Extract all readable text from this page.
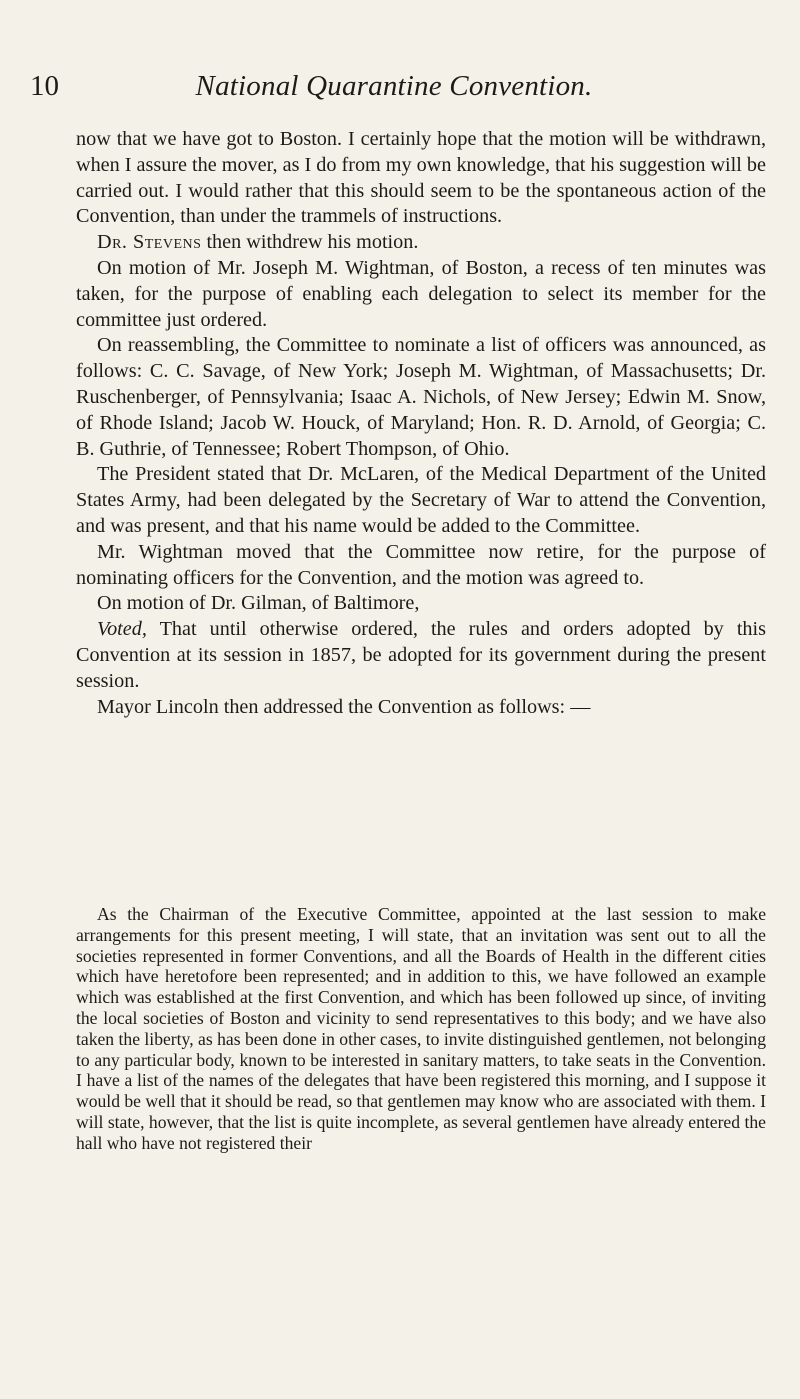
10	National Quarantine Convention.

now that we have got to Boston. I certainly hope that the motion will be withdrawn, when I assure the mover, as I do from my own knowledge, that his suggestion will be carried out. I would rather that this should seem to be the spontaneous action of the Convention, than under the trammels of instructions.

Dr. Stevens then withdrew his motion.

On motion of Mr. Joseph M. Wightman, of Boston, a recess of ten minutes was taken, for the purpose of enabling each delegation to select its member for the committee just ordered.

On reassembling, the Committee to nominate a list of officers was announced, as follows: C. C. Savage, of New York; Joseph M. Wightman, of Massachusetts; Dr. Ruschenberger, of Pennsylvania; Isaac A. Nichols, of New Jersey; Edwin M. Snow, of Rhode Island; Jacob W. Houck, of Maryland; Hon. R. D. Arnold, of Georgia; C. B. Guthrie, of Tennessee; Robert Thompson, of Ohio.

The President stated that Dr. McLaren, of the Medical Department of the United States Army, had been delegated by the Secretary of War to attend the Convention, and was present, and that his name would be added to the Committee.

Mr. Wightman moved that the Committee now retire, for the purpose of nominating officers for the Convention, and the motion was agreed to.

On motion of Dr. Gilman, of Baltimore,

Voted, That until otherwise ordered, the rules and orders adopted by this Convention at its session in 1857, be adopted for its government during the present session.

Mayor Lincoln then addressed the Convention as follows: —

As the Chairman of the Executive Committee, appointed at the last session to make arrangements for this present meeting, I will state, that an invitation was sent out to all the societies represented in former Conventions, and all the Boards of Health in the different cities which have heretofore been represented; and in addition to this, we have followed an example which was established at the first Convention, and which has been followed up since, of inviting the local societies of Boston and vicinity to send representatives to this body; and we have also taken the liberty, as has been done in other cases, to invite distinguished gentlemen, not belonging to any particular body, known to be interested in sanitary matters, to take seats in the Convention. I have a list of the names of the delegates that have been registered this morning, and I suppose it would be well that it should be read, so that gentlemen may know who are associated with them. I will state, however, that the list is quite incomplete, as several gentlemen have already entered the hall who have not registered their
